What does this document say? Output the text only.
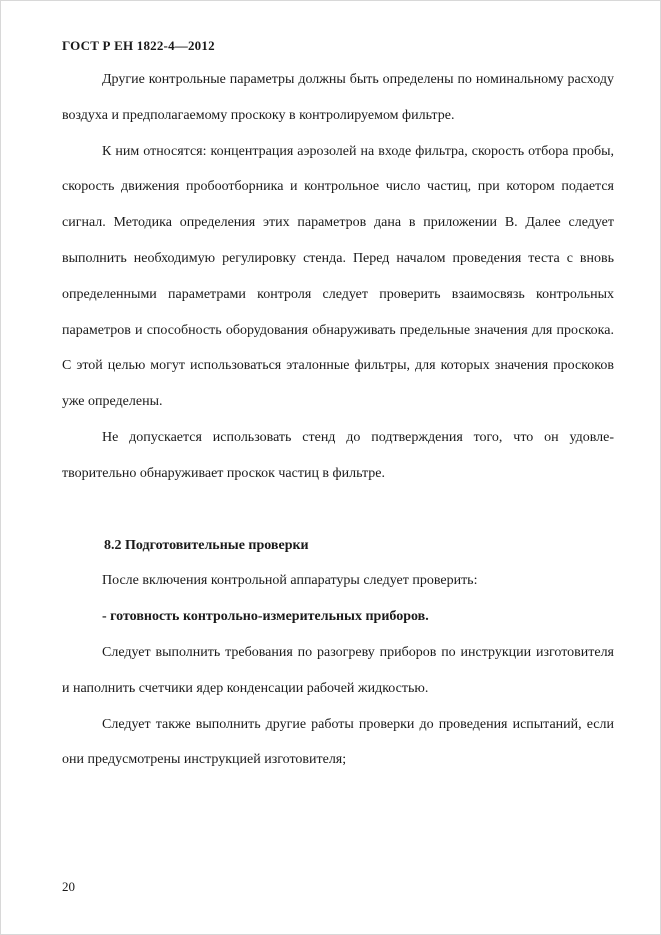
ГОСТ Р ЕН 1822-4—2012

Другие контрольные параметры должны быть определены по номинальному расходу воздуха и предполагаемому проскоку в контролируемом фильтре.

К ним относятся: концентрация аэрозолей на входе фильтра, скорость отбора пробы, скорость движения пробоотборника и контрольное число частиц, при котором подается сигнал. Методика определения этих параметров дана в приложении В. Далее следует выполнить необходимую регулировку стенда. Перед началом проведения теста с вновь определенными параметрами контроля следует проверить взаимосвязь контрольных параметров и способность оборудования обнаруживать предельные значения для проскока. С этой целью могут использоваться эталонные фильтры, для которых значения проскоков уже определены.

Не допускается использовать стенд до подтверждения того, что он удовлетворительно обнаруживает проскок частиц в фильтре.

8.2 Подготовительные проверки

После включения контрольной аппаратуры следует проверить:

- готовность контрольно-измерительных приборов.

Следует выполнить требования по разогреву приборов по инструкции изготовителя и наполнить счетчики ядер конденсации рабочей жидкостью.

Следует также выполнить другие работы проверки до проведения испытаний, если они предусмотрены инструкцией изготовителя;

20
